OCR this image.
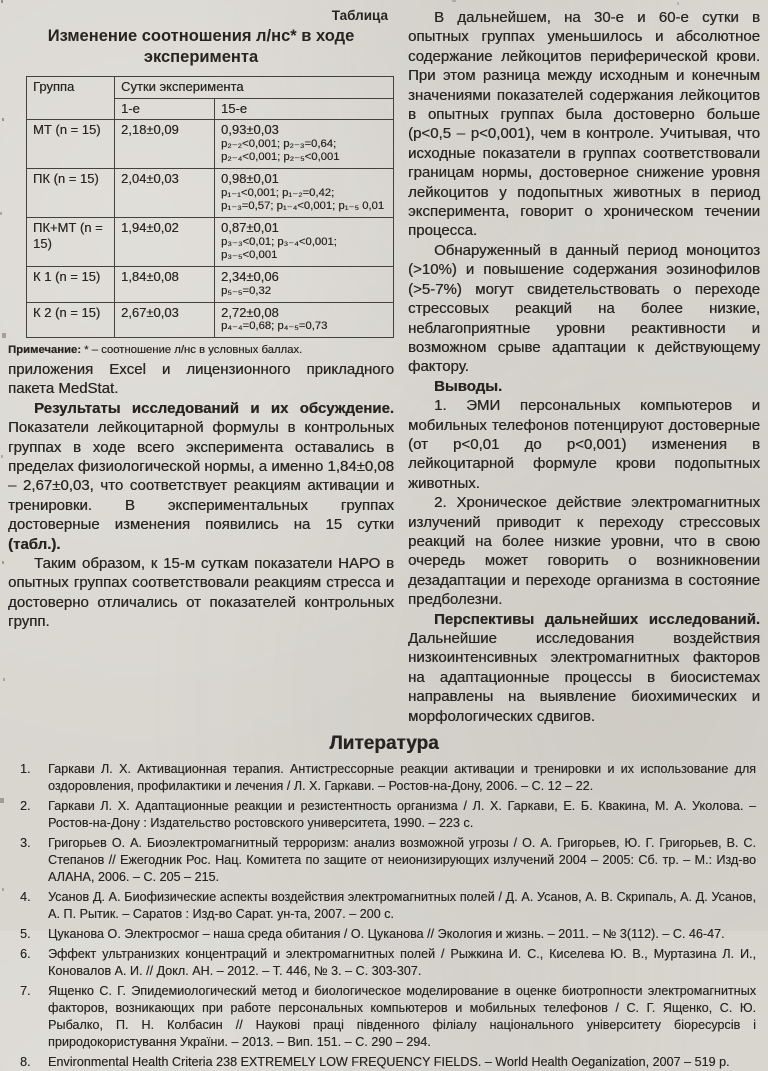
Таблица
Изменение соотношения л/нс* в ходе эксперимента
Группа	Сутки эксперимента	
	1-е	15-е
МТ (n = 15)	2,18±0,09	0,93±0,03
p₂₋₂<0,001; p₂₋₃=0,64;
p₂₋₄<0,001; p₂₋₅<0,001

ПК (n = 15)	2,04±0,03	0,98±0,01
p₁₋₁<0,001; p₁₋₂=0,42;
p₁₋₃=0,57; p₁₋₄<0,001; p₁₋₅ 0,01

ПК+МТ (n = 15)	1,94±0,02	0,87±0,01
p₃₋₃<0,01; p₃₋₄<0,001; p₃₋₅<0,001

К 1 (n = 15)	1,84±0,08	2,34±0,06
p₅₋₅=0,32

К 2 (n = 15)	2,67±0,03	2,72±0,08
p₄₋₄=0,68; p₄₋₅=0,73
Примечание: * – соотношение л/нс в условных баллах.

приложения Excel и лицензионного прикладного пакета MedStat.

Результаты исследований и их обсуждение. Показатели лейкоцитарной формулы в контрольных группах в ходе всего эксперимента оставались в пределах физиологической нормы, а именно 1,84±0,08 – 2,67±0,03, что соответствует реакциям активации и тренировки. В экспериментальных группах достоверные изменения появились на 15 сутки (табл.).

Таким образом, к 15-м суткам показатели НАРО в опытных группах соответствовали реакциям стресса и достоверно отличались от показателей контрольных групп.

В дальнейшем, на 30-е и 60-е сутки в опытных группах уменьшилось и абсолютное содержание лейкоцитов периферической крови. При этом разница между исходным и конечным значениями показателей содержания лейкоцитов в опытных группах была достоверно больше (p<0,5 – p<0,001), чем в контроле. Учитывая, что исходные показатели в группах соответствовали границам нормы, достоверное снижение уровня лейкоцитов у подопытных животных в период эксперимента, говорит о хроническом течении процесса.

Обнаруженный в данный период моноцитоз (>10%) и повышение содержания эозинофилов (>5-7%) могут свидетельствовать о переходе стрессовых реакций на более низкие, неблагоприятные уровни реактивности и возможном срыве адаптации к действующему фактору.

Выводы.

1. ЭМИ персональных компьютеров и мобильных телефонов потенцируют достоверные (от p<0,01 до p<0,001) изменения в лейкоцитарной формуле крови подопытных животных.

2. Хроническое действие электромагнитных излучений приводит к переходу стрессовых реакций на более низкие уровни, что в свою очередь может говорить о возникновении дезадаптации и переходе организма в состояние предболезни.

Перспективы дальнейших исследований. Дальнейшие исследования воздействия низкоинтенсивных электромагнитных факторов на адаптационные процессы в биосистемах направлены на выявление биохимических и морфологических сдвигов.

Литература
1.	Гаркави Л. Х. Активационная терапия. Антистрессорные реакции активации и тренировки и их использование для оздоровления, профилактики и лечения / Л. Х. Гаркави. – Ростов-на-Дону, 2006. – С. 12 – 22.
2.	Гаркави Л. Х. Адаптационные реакции и резистентность организма / Л. Х. Гаркави, Е. Б. Квакина, М. А. Уколова. – Ростов-на-Дону : Издательство ростовского университета, 1990. – 223 с.
3.	Григорьев О. А. Биоэлектромагнитный терроризм: анализ возможной угрозы / О. А. Григорьев, Ю. Г. Григорьев, В. С. Степанов // Ежегодник Рос. Нац. Комитета по защите от неионизирующих излучений 2004 – 2005: Сб. тр. – М.: Изд-во АЛАНА, 2006. – С. 205 – 215.
4.	Усанов Д. А. Биофизические аспекты воздействия электромагнитных полей / Д. А. Усанов, А. В. Скрипаль, А. Д. Усанов, А. П. Рытик. – Саратов : Изд-во Сарат. ун-та, 2007. – 200 с.
5.	Цуканова О. Электросмог – наша среда обитания / О. Цуканова // Экология и жизнь. – 2011. – № 3(112). – С. 46-47.
6.	Эффект ультранизких концентраций и электромагнитных полей / Рыжкина И. С., Киселева Ю. В., Муртазина Л. И., Коновалов А. И. // Докл. АН. – 2012. – Т. 446, № 3. – С. 303-307.
7.	Ященко С. Г. Эпидемиологический метод и биологическое моделирование в оценке биотропности электромагнитных факторов, возникающих при работе персональных компьютеров и мобильных телефонов / С. Г. Ященко, С. Ю. Рыбалко, П. Н. Колбасин // Наукові праці південного філіалу національного університету біоресурсів і природокористування України. – 2013. – Вип. 151. – С. 290 – 294.
8.	Environmental Health Criteria 238 EXTREMELY LOW FREQUENCY FIELDS. – World Health Oeganization, 2007 – 519 p.
